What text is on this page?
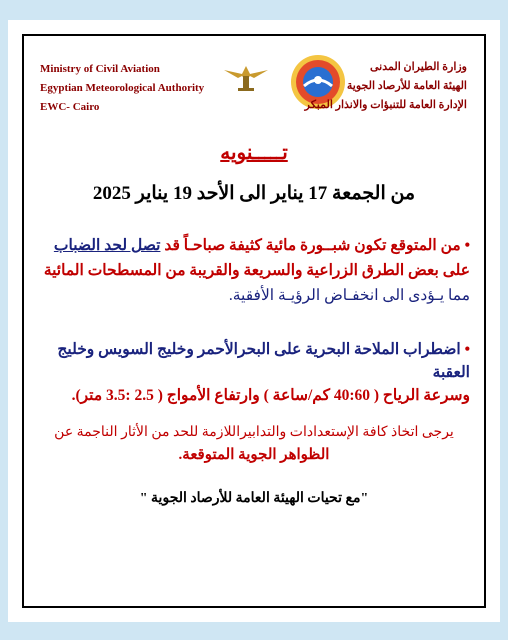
Ministry of Civil Aviation
Egyptian Meteorological Authority
EWC- Cairo
وزارة الطيران المدنى
الهيئة العامة للأرصاد الجوية
الإدارة العامة للتنبؤات والانذار المبكر
تـــــنويه
من الجمعة 17 يناير الى الأحد 19 يناير 2025
• من المتوقع تكون شبــورة مائية كثيفة صباحـاً قد تصل لحد الضباب على بعض الطرق الزراعية والسريعة والقريبة من المسطحات المائية
مما يـؤدى الى انخفـاض الرؤيـة الأفقية.
• اضطراب الملاحة البحرية على البحرالأحمر وخليج السويس وخليج العقبة
وسرعة الرياح ( 40:60 كم/ساعة ) وارتفاع الأمواج ( 2.5 :3.5 متر).
يرجى اتخاذ كافة الإستعدادات والتدابيراللازمة للحد من الأثار الناجمة عن
الظواهر الجوية المتوقعة.
"مع تحيات الهيئة العامة للأرصاد الجوية "
